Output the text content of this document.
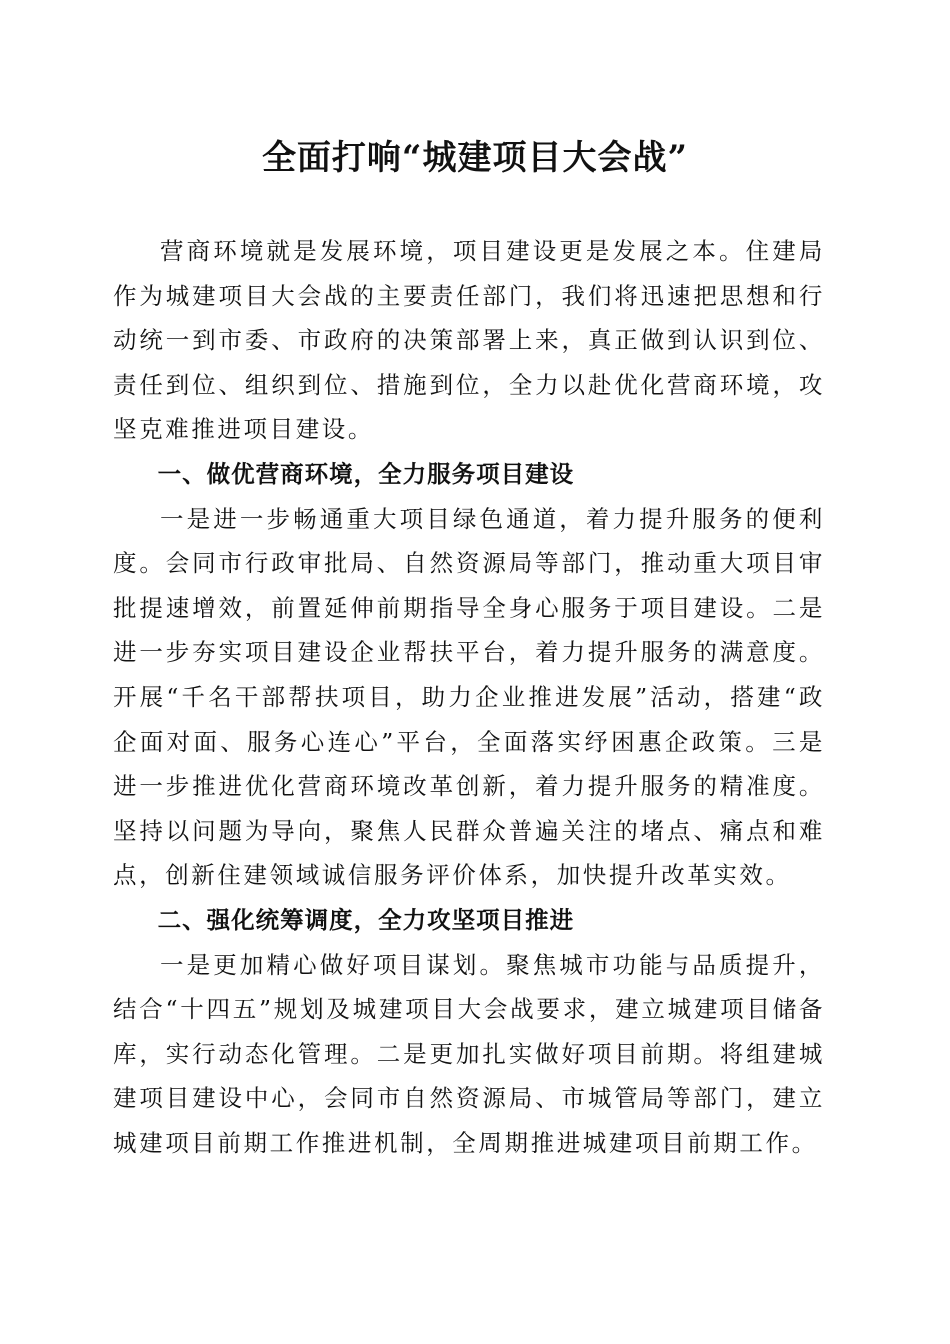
全面打响“城建项目大会战”

营商环境就是发展环境，项目建设更是发展之本。住建局作为城建项目大会战的主要责任部门，我们将迅速把思想和行动统一到市委、市政府的决策部署上来，真正做到认识到位、责任到位、组织到位、措施到位，全力以赴优化营商环境，攻坚克难推进项目建设。

一、做优营商环境，全力服务项目建设

一是进一步畅通重大项目绿色通道，着力提升服务的便利度。会同市行政审批局、自然资源局等部门，推动重大项目审批提速增效，前置延伸前期指导全身心服务于项目建设。二是进一步夯实项目建设企业帮扶平台，着力提升服务的满意度。开展“千名干部帮扶项目，助力企业推进发展”活动，搭建“政企面对面、服务心连心”平台，全面落实纾困惠企政策。三是进一步推进优化营商环境改革创新，着力提升服务的精准度。坚持以问题为导向，聚焦人民群众普遍关注的堵点、痛点和难点，创新住建领域诚信服务评价体系，加快提升改革实效。

二、强化统筹调度，全力攻坚项目推进

一是更加精心做好项目谋划。聚焦城市功能与品质提升，结合“十四五”规划及城建项目大会战要求，建立城建项目储备库，实行动态化管理。二是更加扎实做好项目前期。将组建城建项目建设中心，会同市自然资源局、市城管局等部门，建立城建项目前期工作推进机制，全周期推进城建项目前期工作。
